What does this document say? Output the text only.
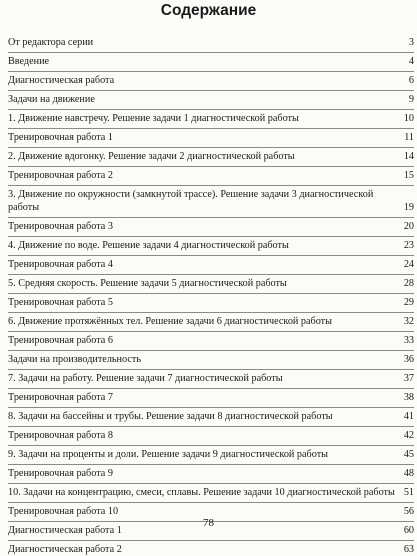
Содержание
От редактора серии	3
Введение	4
Диагностическая работа	6
Задачи на движение	9
1. Движение навстречу. Решение задачи 1 диагностической работы	10
Тренировочная работа 1	11
2. Движение вдогонку. Решение задачи 2 диагностической работы	14
Тренировочная работа 2	15
3. Движение по окружности (замкнутой трассе). Решение задачи 3 диагностической работы	19
Тренировочная работа 3	20
4. Движение по воде. Решение задачи 4 диагностической работы	23
Тренировочная работа 4	24
5. Средняя скорость. Решение задачи 5 диагностической работы	28
Тренировочная работа 5	29
6. Движение протяжённых тел. Решение задачи 6 диагностической работы	32
Тренировочная работа 6	33
Задачи на производительность	36
7. Задачи на работу. Решение задачи 7 диагностической работы	37
Тренировочная работа 7	38
8. Задачи на бассейны и трубы. Решение задачи 8 диагностической работы	41
Тренировочная работа 8	42
9. Задачи на проценты и доли. Решение задачи 9 диагностической работы	45
Тренировочная работа 9	48
10. Задачи на концентрацию, смеси, сплавы. Решение задачи 10 диагностической работы 51
Тренировочная работа 10	56
Диагностическая работа 1	60
Диагностическая работа 2	63
78
